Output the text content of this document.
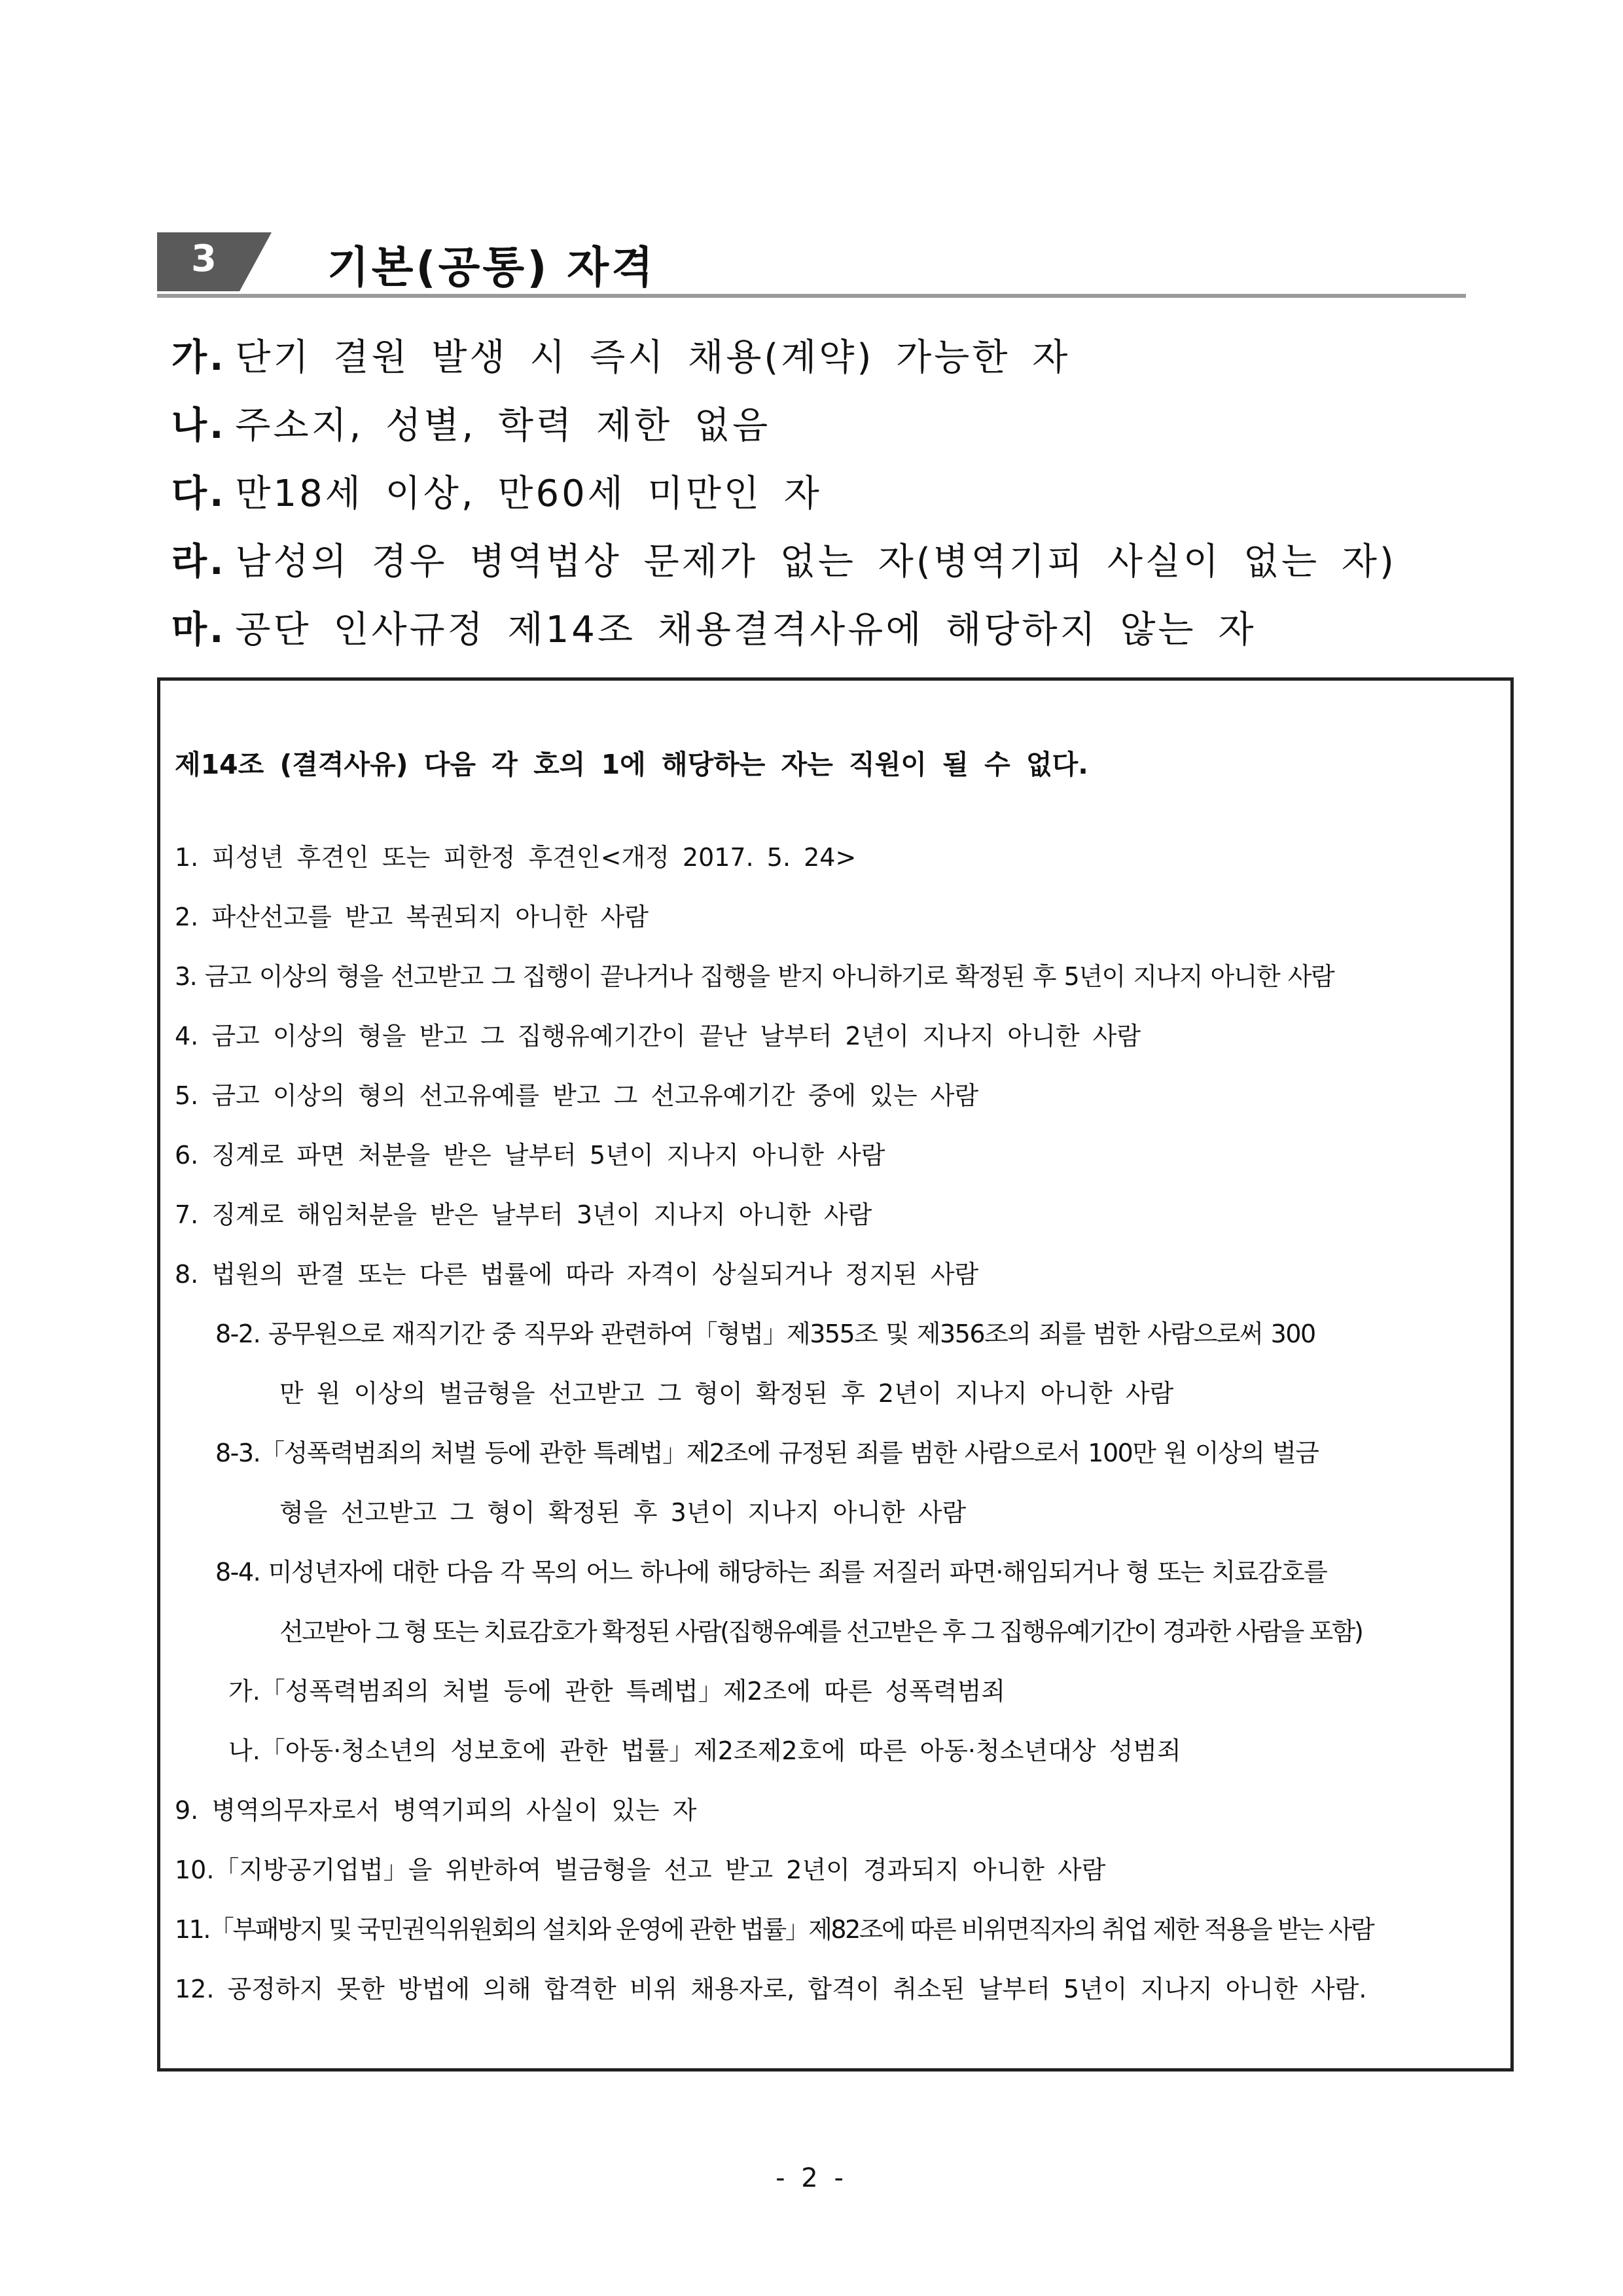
3	기본(공통) 자격
가. 단기 결원 발생 시 즉시 채용(계약) 가능한 자
나. 주소지, 성별, 학력 제한 없음
다. 만18세 이상, 만60세 미만인 자
라. 남성의 경우 병역법상 문제가 없는 자(병역기피 사실이 없는 자)
마. 공단 인사규정 제14조 채용결격사유에 해당하지 않는 자
제14조 (결격사유) 다음 각 호의 1에 해당하는 자는 직원이 될 수 없다.
1. 피성년 후견인 또는 피한정 후견인<개정 2017. 5. 24>
2. 파산선고를 받고 복권되지 아니한 사람
3. 금고 이상의 형을 선고받고 그 집행이 끝나거나 집행을 받지 아니하기로 확정된 후 5년이 지나지 아니한 사람
4. 금고 이상의 형을 받고 그 집행유예기간이 끝난 날부터 2년이 지나지 아니한 사람
5. 금고 이상의 형의 선고유예를 받고 그 선고유예기간 중에 있는 사람
6. 징계로 파면 처분을 받은 날부터 5년이 지나지 아니한 사람
7. 징계로 해임처분을 받은 날부터 3년이 지나지 아니한 사람
8. 법원의 판결 또는 다른 법률에 따라 자격이 상실되거나 정지된 사람
8-2. 공무원으로 재직기간 중 직무와 관련하여「형법」제355조 및 제356조의 죄를 범한 사람으로써 300
만 원 이상의 벌금형을 선고받고 그 형이 확정된 후 2년이 지나지 아니한 사람
8-3.「성폭력범죄의 처벌 등에 관한 특례법」제2조에 규정된 죄를 범한 사람으로서 100만 원 이상의 벌금
형을 선고받고 그 형이 확정된 후 3년이 지나지 아니한 사람
8-4. 미성년자에 대한 다음 각 목의 어느 하나에 해당하는 죄를 저질러 파면·해임되거나 형 또는 치료감호를
선고받아 그 형 또는 치료감호가 확정된 사람(집행유예를 선고받은 후 그 집행유예기간이 경과한 사람을 포함)
가.「성폭력범죄의 처벌 등에 관한 특례법」제2조에 따른 성폭력범죄
나.「아동·청소년의 성보호에 관한 법률」제2조제2호에 따른 아동·청소년대상 성범죄
9. 병역의무자로서 병역기피의 사실이 있는 자
10.「지방공기업법」을 위반하여 벌금형을 선고 받고 2년이 경과되지 아니한 사람
11.「부패방지 및 국민권익위원회의 설치와 운영에 관한 법률」제82조에 따른 비위면직자의 취업 제한 적용을 받는 사람
12. 공정하지 못한 방법에 의해 합격한 비위 채용자로, 합격이 취소된 날부터 5년이 지나지 아니한 사람.
- 2 -
